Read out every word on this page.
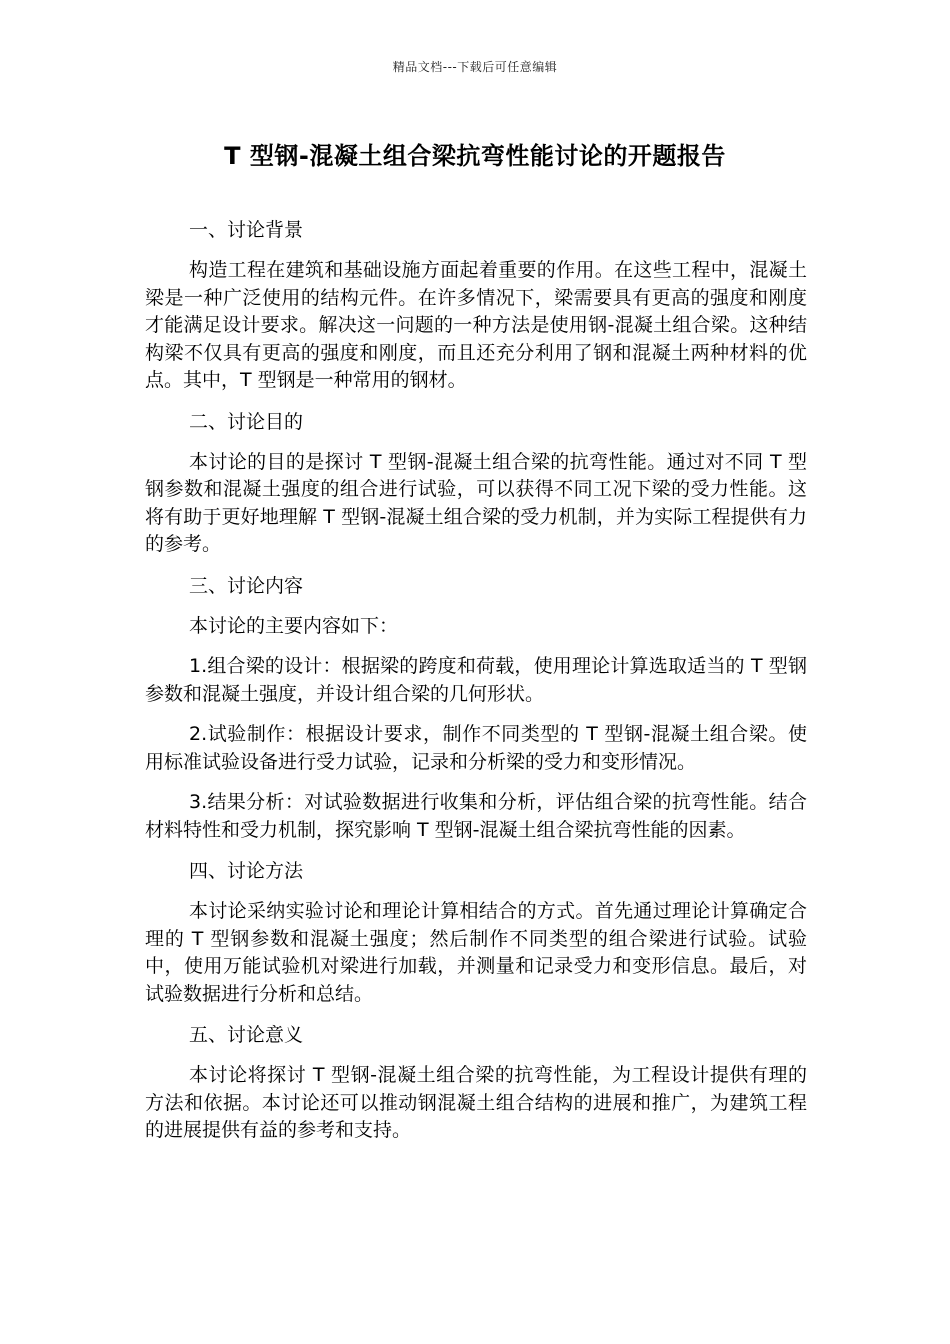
精品文档---下载后可任意编辑
T 型钢-混凝土组合梁抗弯性能讨论的开题报告

一、讨论背景

构造工程在建筑和基础设施方面起着重要的作用。在这些工程中，混凝土梁是一种广泛使用的结构元件。在许多情况下，梁需要具有更高的强度和刚度才能满足设计要求。解决这一问题的一种方法是使用钢-混凝土组合梁。这种结构梁不仅具有更高的强度和刚度，而且还充分利用了钢和混凝土两种材料的优点。其中，T 型钢是一种常用的钢材。

二、讨论目的

本讨论的目的是探讨 T 型钢-混凝土组合梁的抗弯性能。通过对不同 T 型钢参数和混凝土强度的组合进行试验，可以获得不同工况下梁的受力性能。这将有助于更好地理解 T 型钢-混凝土组合梁的受力机制，并为实际工程提供有力的参考。

三、讨论内容

本讨论的主要内容如下：

1.组合梁的设计：根据梁的跨度和荷载，使用理论计算选取适当的 T 型钢参数和混凝土强度，并设计组合梁的几何形状。

2.试验制作：根据设计要求，制作不同类型的 T 型钢-混凝土组合梁。使用标准试验设备进行受力试验，记录和分析梁的受力和变形情况。

3.结果分析：对试验数据进行收集和分析，评估组合梁的抗弯性能。结合材料特性和受力机制，探究影响 T 型钢-混凝土组合梁抗弯性能的因素。

四、讨论方法

本讨论采纳实验讨论和理论计算相结合的方式。首先通过理论计算确定合理的 T 型钢参数和混凝土强度；然后制作不同类型的组合梁进行试验。试验中，使用万能试验机对梁进行加载，并测量和记录受力和变形信息。最后，对试验数据进行分析和总结。

五、讨论意义

本讨论将探讨 T 型钢-混凝土组合梁的抗弯性能，为工程设计提供有理的方法和依据。本讨论还可以推动钢混凝土组合结构的进展和推广，为建筑工程的进展提供有益的参考和支持。
